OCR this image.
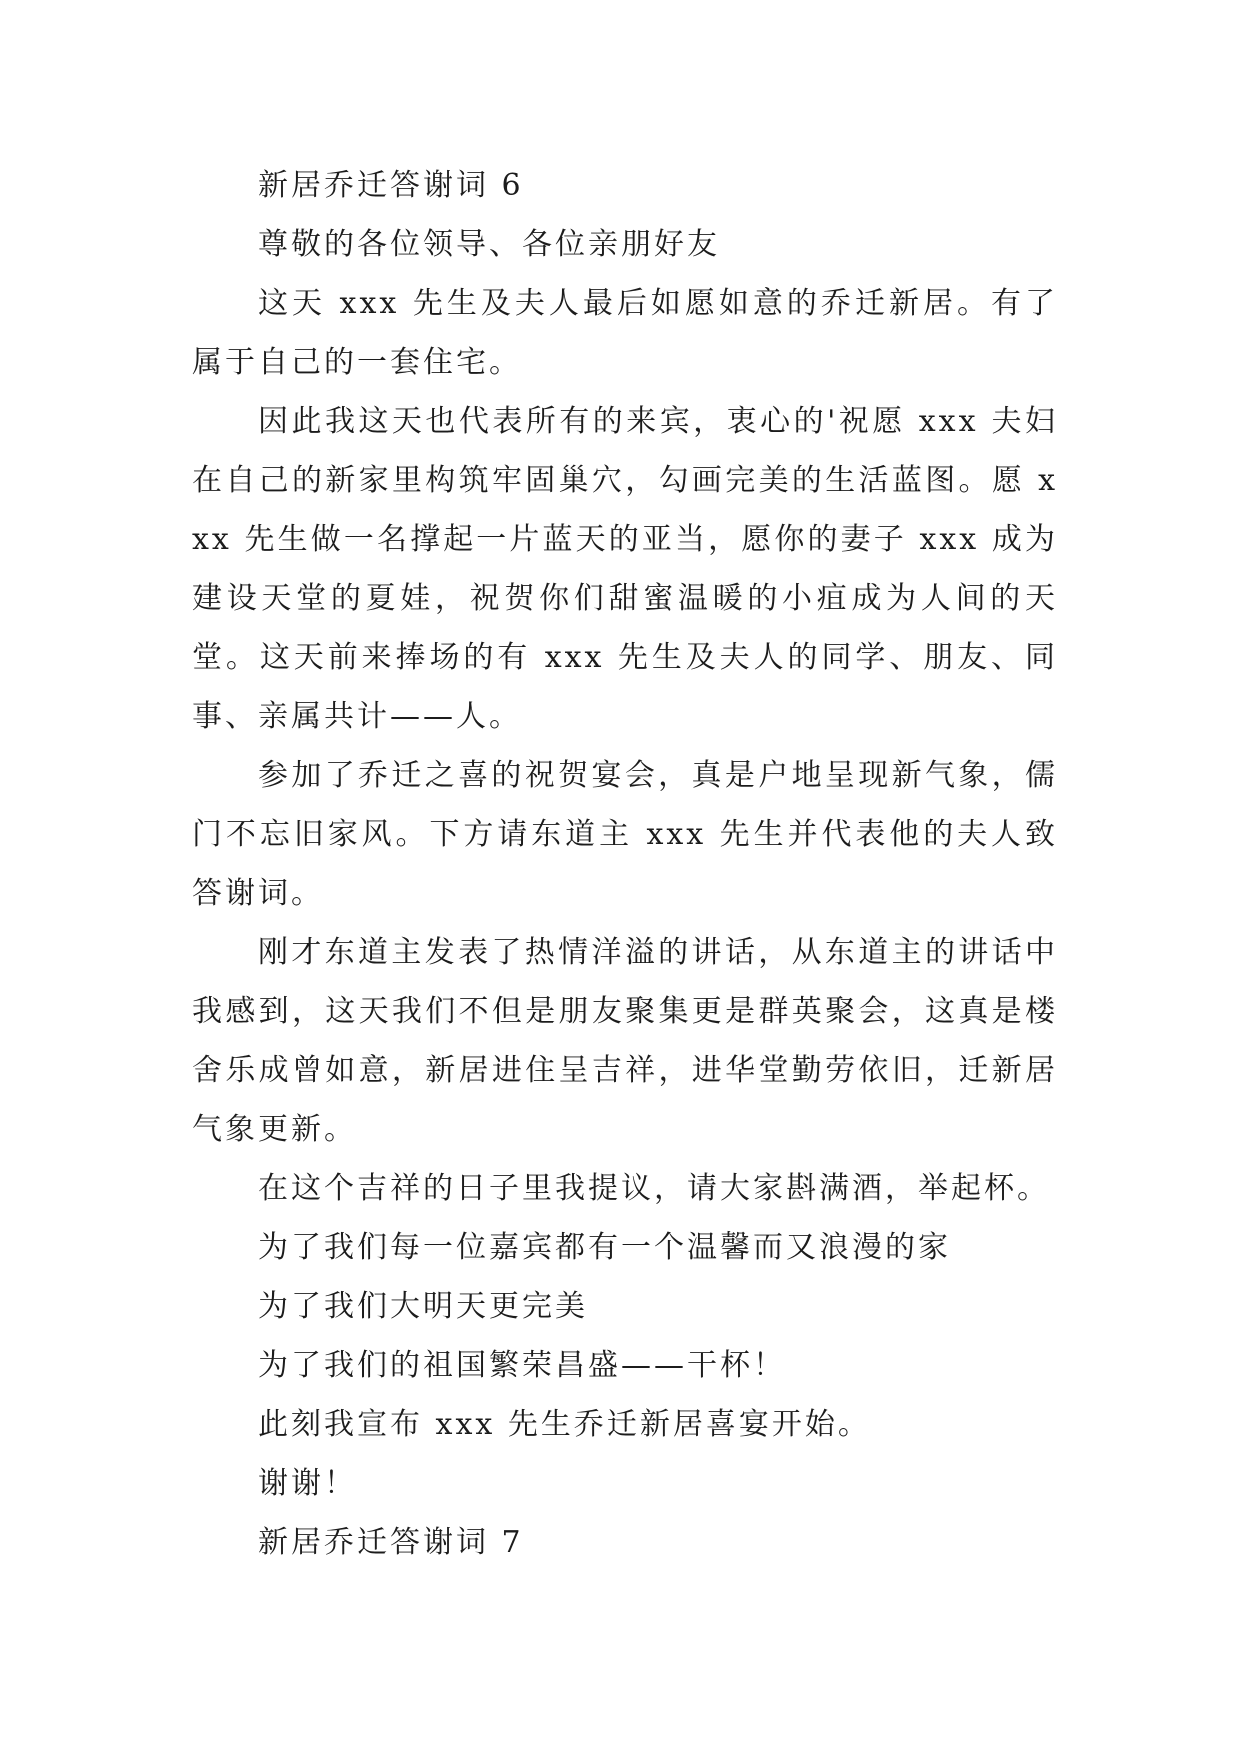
新居乔迁答谢词 6

尊敬的各位领导、各位亲朋好友

这天 xxx 先生及夫人最后如愿如意的乔迁新居。有了属于自己的一套住宅。

因此我这天也代表所有的来宾，衷心的'祝愿 xxx 夫妇在自己的新家里构筑牢固巢穴，勾画完美的生活蓝图。愿 xxx 先生做一名撑起一片蓝天的亚当，愿你的妻子 xxx 成为建设天堂的夏娃，祝贺你们甜蜜温暖的小疽成为人间的天堂。这天前来捧场的有 xxx 先生及夫人的同学、朋友、同事、亲属共计——人。

参加了乔迁之喜的祝贺宴会，真是户地呈现新气象，儒门不忘旧家风。下方请东道主 xxx 先生并代表他的夫人致答谢词。

刚才东道主发表了热情洋溢的讲话，从东道主的讲话中我感到，这天我们不但是朋友聚集更是群英聚会，这真是楼舍乐成曾如意，新居进住呈吉祥，进华堂勤劳依旧，迁新居气象更新。

在这个吉祥的日子里我提议，请大家斟满酒，举起杯。

为了我们每一位嘉宾都有一个温馨而又浪漫的家

为了我们大明天更完美

为了我们的祖国繁荣昌盛——干杯！

此刻我宣布 xxx 先生乔迁新居喜宴开始。

谢谢！

新居乔迁答谢词 7
